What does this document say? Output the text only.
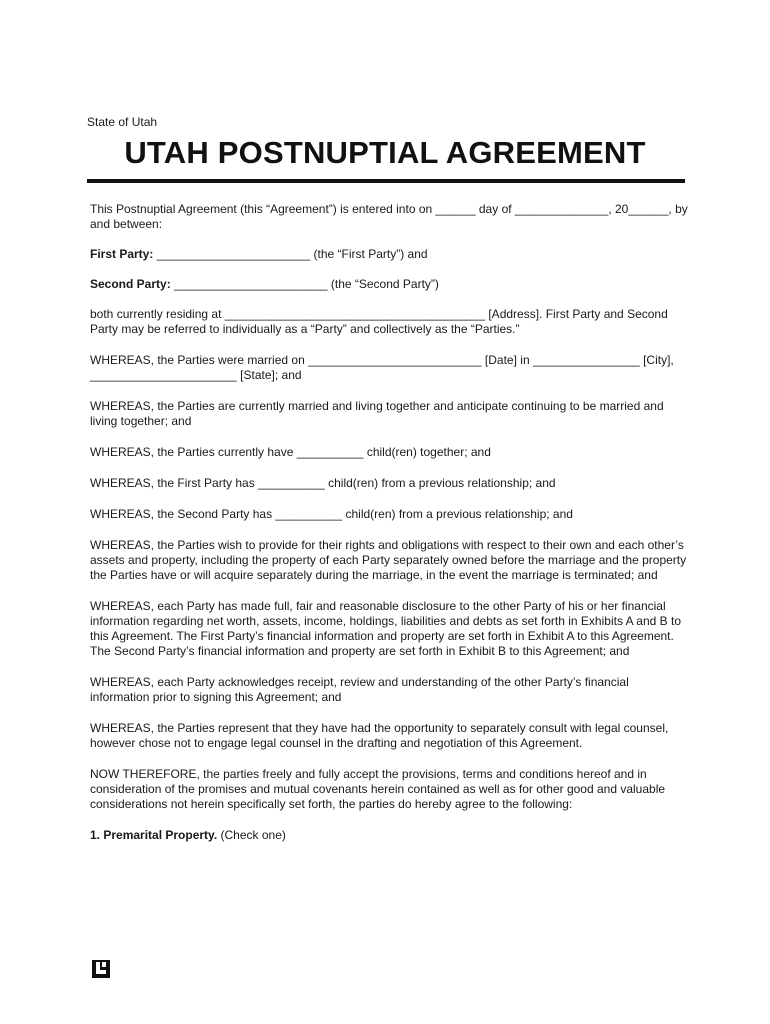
State of Utah
UTAH POSTNUPTIAL AGREEMENT

This Postnuptial Agreement (this “Agreement”) is entered into on ______ day of ______________, 20______, by and between:

First Party: _______________________ (the “First Party”) and

Second Party: _______________________ (the “Second Party”)

both currently residing at _______________________________________ [Address]. First Party and Second Party may be referred to individually as a “Party” and collectively as the “Parties.”

WHEREAS, the Parties were married on __________________________ [Date] in ________________ [City], ______________________ [State]; and

WHEREAS, the Parties are currently married and living together and anticipate continuing to be married and living together; and

WHEREAS, the Parties currently have __________ child(ren) together; and

WHEREAS, the First Party has __________ child(ren) from a previous relationship; and

WHEREAS, the Second Party has __________ child(ren) from a previous relationship; and

WHEREAS, the Parties wish to provide for their rights and obligations with respect to their own and each other’s assets and property, including the property of each Party separately owned before the marriage and the property the Parties have or will acquire separately during the marriage, in the event the marriage is terminated; and

WHEREAS, each Party has made full, fair and reasonable disclosure to the other Party of his or her financial information regarding net worth, assets, income, holdings, liabilities and debts as set forth in Exhibits A and B to this Agreement. The First Party’s financial information and property are set forth in Exhibit A to this Agreement. The Second Party’s financial information and property are set forth in Exhibit B to this Agreement; and

WHEREAS, each Party acknowledges receipt, review and understanding of the other Party’s financial information prior to signing this Agreement; and

WHEREAS, the Parties represent that they have had the opportunity to separately consult with legal counsel, however chose not to engage legal counsel in the drafting and negotiation of this Agreement.

NOW THEREFORE, the parties freely and fully accept the provisions, terms and conditions hereof and in consideration of the promises and mutual covenants herein contained as well as for other good and valuable considerations not herein specifically set forth, the parties do hereby agree to the following:

1. Premarital Property. (Check one)
